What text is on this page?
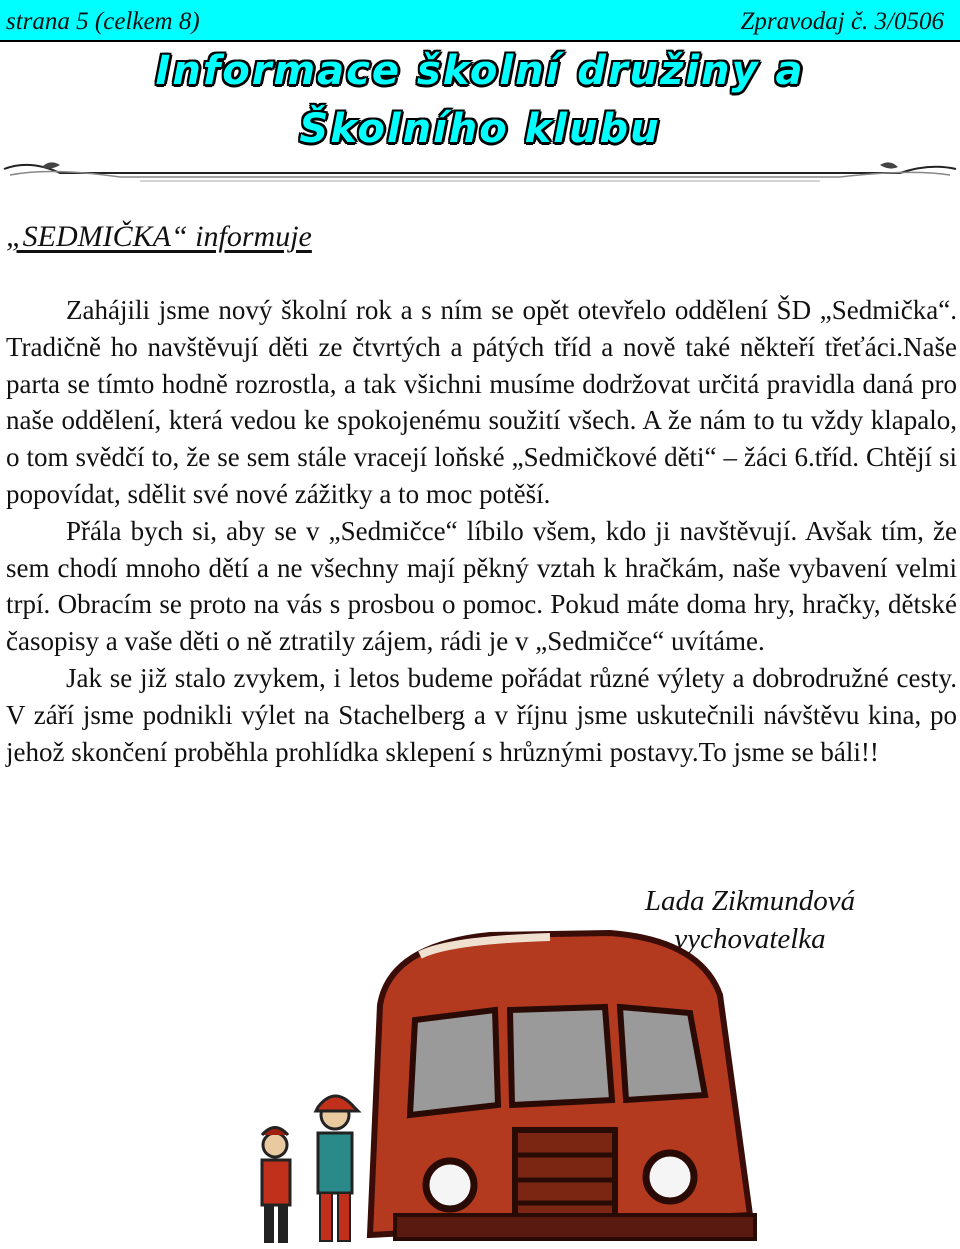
strana 5 (celkem 8)	Zpravodaj č. 3/0506
Informace školní družiny a
Školního klubu
„SEDMIČKA“ informuje

Zahájili jsme nový školní rok a s ním se opět otevřelo oddělení ŠD „Sedmička“. Tradičně ho navštěvují děti ze čtvrtých a pátých tříd a nově také někteří třeťáci.Naše parta se tímto hodně rozrostla, a tak všichni musíme dodržovat určitá pravidla daná pro naše oddělení, která vedou ke spokojenému soužití všech. A že nám to tu vždy klapalo, o tom svědčí to, že se sem stále vracejí loňské „Sedmičkové děti“ – žáci 6.tříd. Chtějí si popovídat, sdělit své nové zážitky a to moc potěší.

Přála bych si, aby se v „Sedmičce“ líbilo všem, kdo ji navštěvují. Avšak tím, že sem chodí mnoho dětí a ne všechny mají pěkný vztah k hračkám, naše vybavení velmi trpí. Obracím se proto na vás s prosbou o pomoc. Pokud máte doma hry, hračky, dětské časopisy a vaše děti o ně ztratily zájem, rádi je v „Sedmičce“ uvítáme.

Jak se již stalo zvykem, i letos budeme pořádat různé výlety a dobrodružné cesty. V září jsme podnikli výlet na Stachelberg a v říjnu jsme uskutečnili návštěvu kina, po jehož skončení proběhla prohlídka sklepení s hrůznými postavy.To jsme se báli!!

Lada Zikmundová
vychovatelka
